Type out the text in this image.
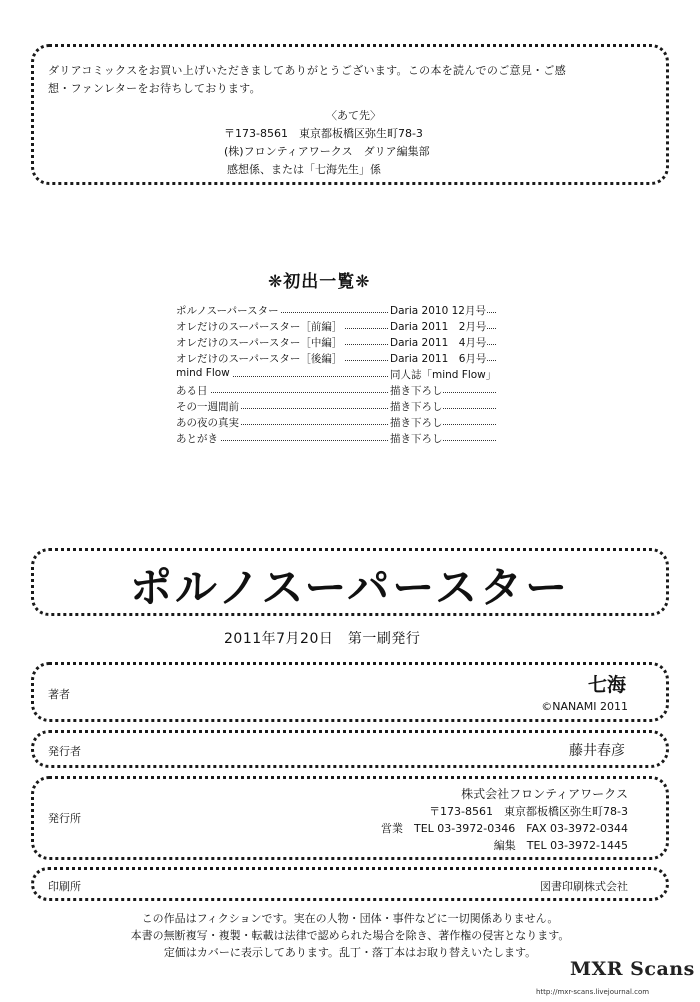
ダリアコミックスをお買い上げいただきましてありがとうございます。この本を読んでのご意見・ご感
想・ファンレターをお待ちしております。
〈あて先〉
〒173-8561　東京都板橋区弥生町78-3
(株)フロンティアワークス　ダリア編集部
感想係、または「七海先生」係
❋初出一覧❋
ポルノスーパースター	Daria 2010 12月号
オレだけのスーパースター［前編］	Daria 2011　2月号
オレだけのスーパースター［中編］	Daria 2011　4月号
オレだけのスーパースター［後編］	Daria 2011　6月号
mind Flow	同人誌「mind Flow」
ある日	描き下ろし
その一週間前	描き下ろし
あの夜の真実	描き下ろし
あとがき	描き下ろし
ポルノスーパースター
2011年7月20日　第一刷発行
著者	七海
©NANAMI 2011
発行者	藤井春彦
発行所
株式会社フロンティアワークス
〒173-8561　東京都板橋区弥生町78-3
営業　TEL 03-3972-0346　FAX 03-3972-0344
編集　TEL 03-3972-1445
印刷所	図書印刷株式会社
この作品はフィクションです。実在の人物・団体・事件などに一切関係ありません。
本書の無断複写・複製・転載は法律で認められた場合を除き、著作権の侵害となります。
定価はカバーに表示してあります。乱丁・落丁本はお取り替えいたします。
MXR Scans
http://mxr-scans.livejournal.com
